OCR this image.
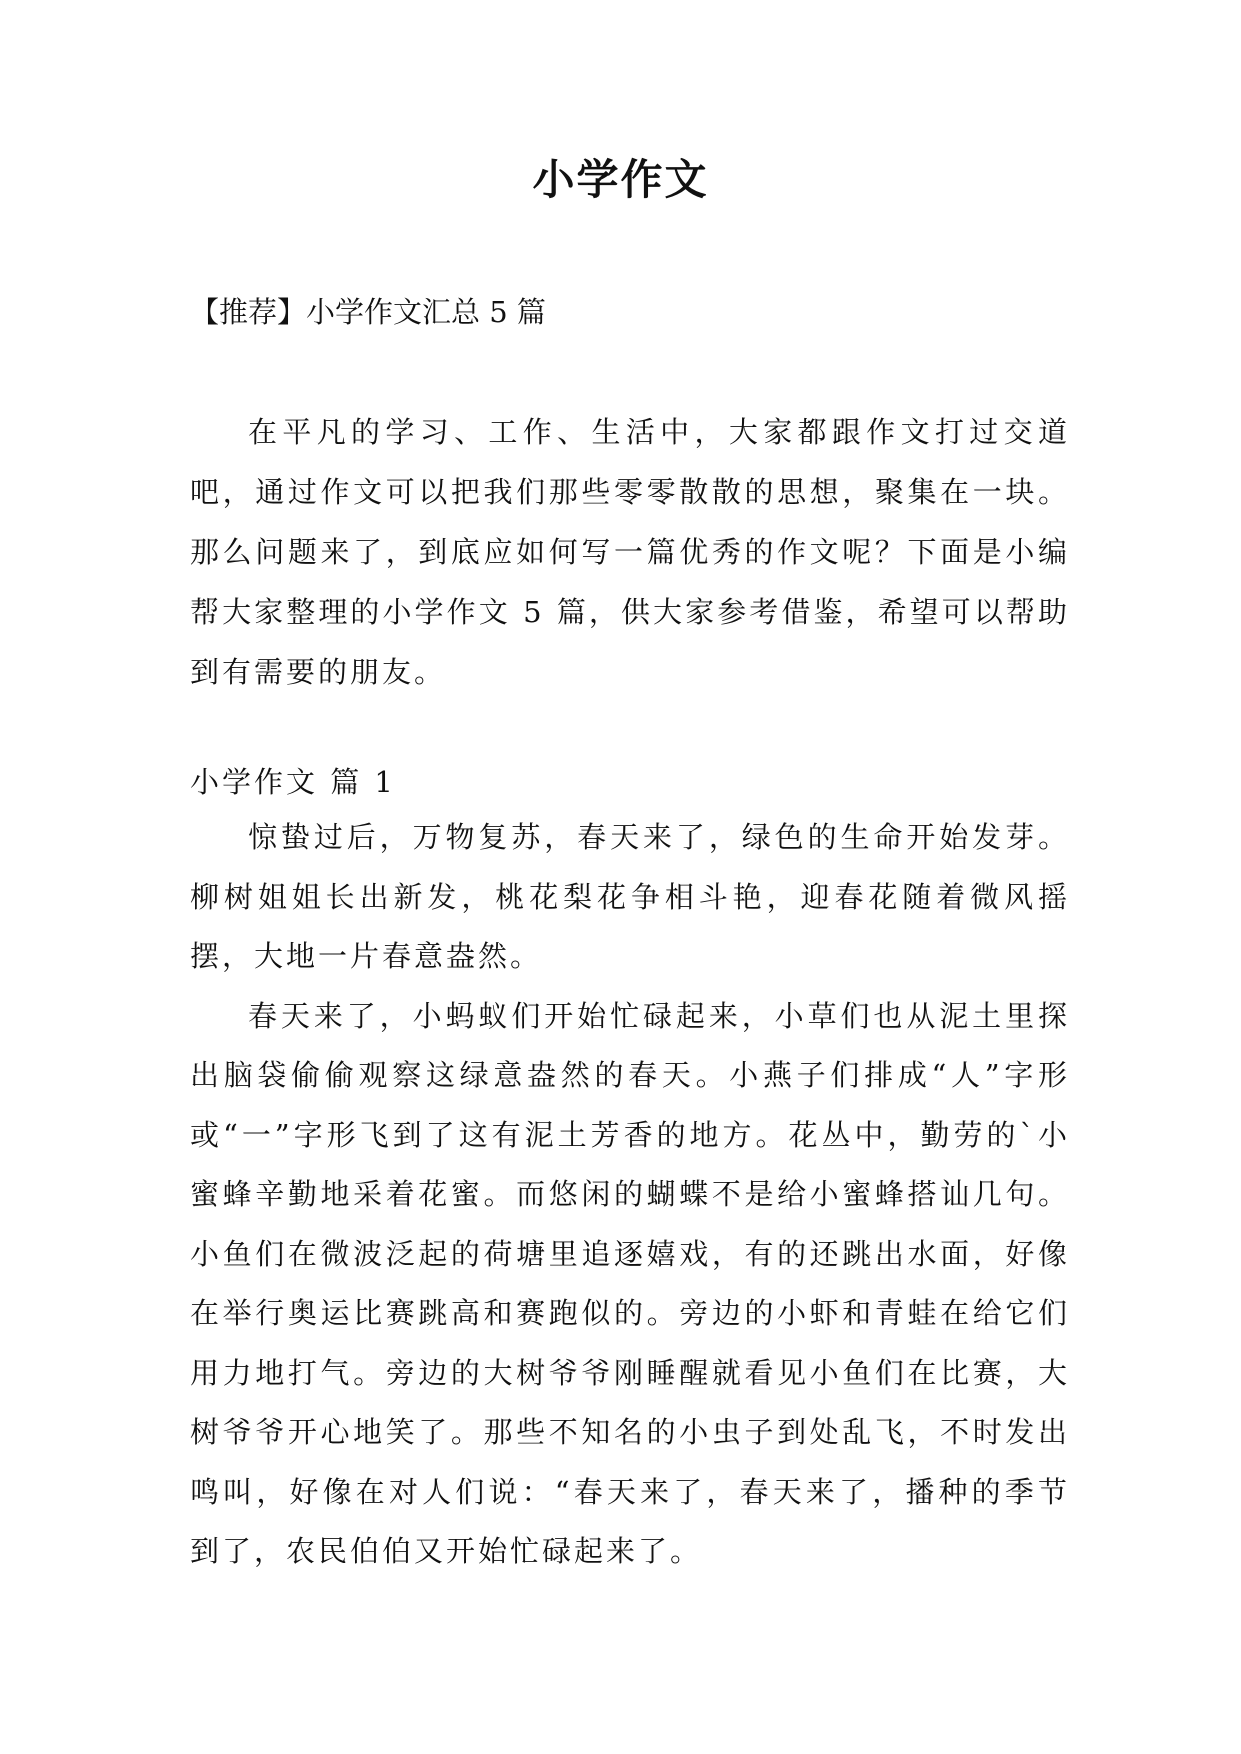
小学作文
【推荐】小学作文汇总 5 篇

在平凡的学习、工作、生活中，大家都跟作文打过交道吧，通过作文可以把我们那些零零散散的思想，聚集在一块。那么问题来了，到底应如何写一篇优秀的作文呢？下面是小编帮大家整理的小学作文 5 篇，供大家参考借鉴，希望可以帮助到有需要的朋友。

小学作文 篇 1

惊蛰过后，万物复苏，春天来了，绿色的生命开始发芽。柳树姐姐长出新发，桃花梨花争相斗艳，迎春花随着微风摇摆，大地一片春意盎然。

春天来了，小蚂蚁们开始忙碌起来，小草们也从泥土里探出脑袋偷偷观察这绿意盎然的春天。小燕子们排成“人”字形或“一”字形飞到了这有泥土芳香的地方。花丛中，勤劳的`小蜜蜂辛勤地采着花蜜。而悠闲的蝴蝶不是给小蜜蜂搭讪几句。小鱼们在微波泛起的荷塘里追逐嬉戏，有的还跳出水面，好像在举行奥运比赛跳高和赛跑似的。旁边的小虾和青蛙在给它们用力地打气。旁边的大树爷爷刚睡醒就看见小鱼们在比赛，大树爷爷开心地笑了。那些不知名的小虫子到处乱飞，不时发出鸣叫，好像在对人们说：“春天来了，春天来了，播种的季节到了，农民伯伯又开始忙碌起来了。
